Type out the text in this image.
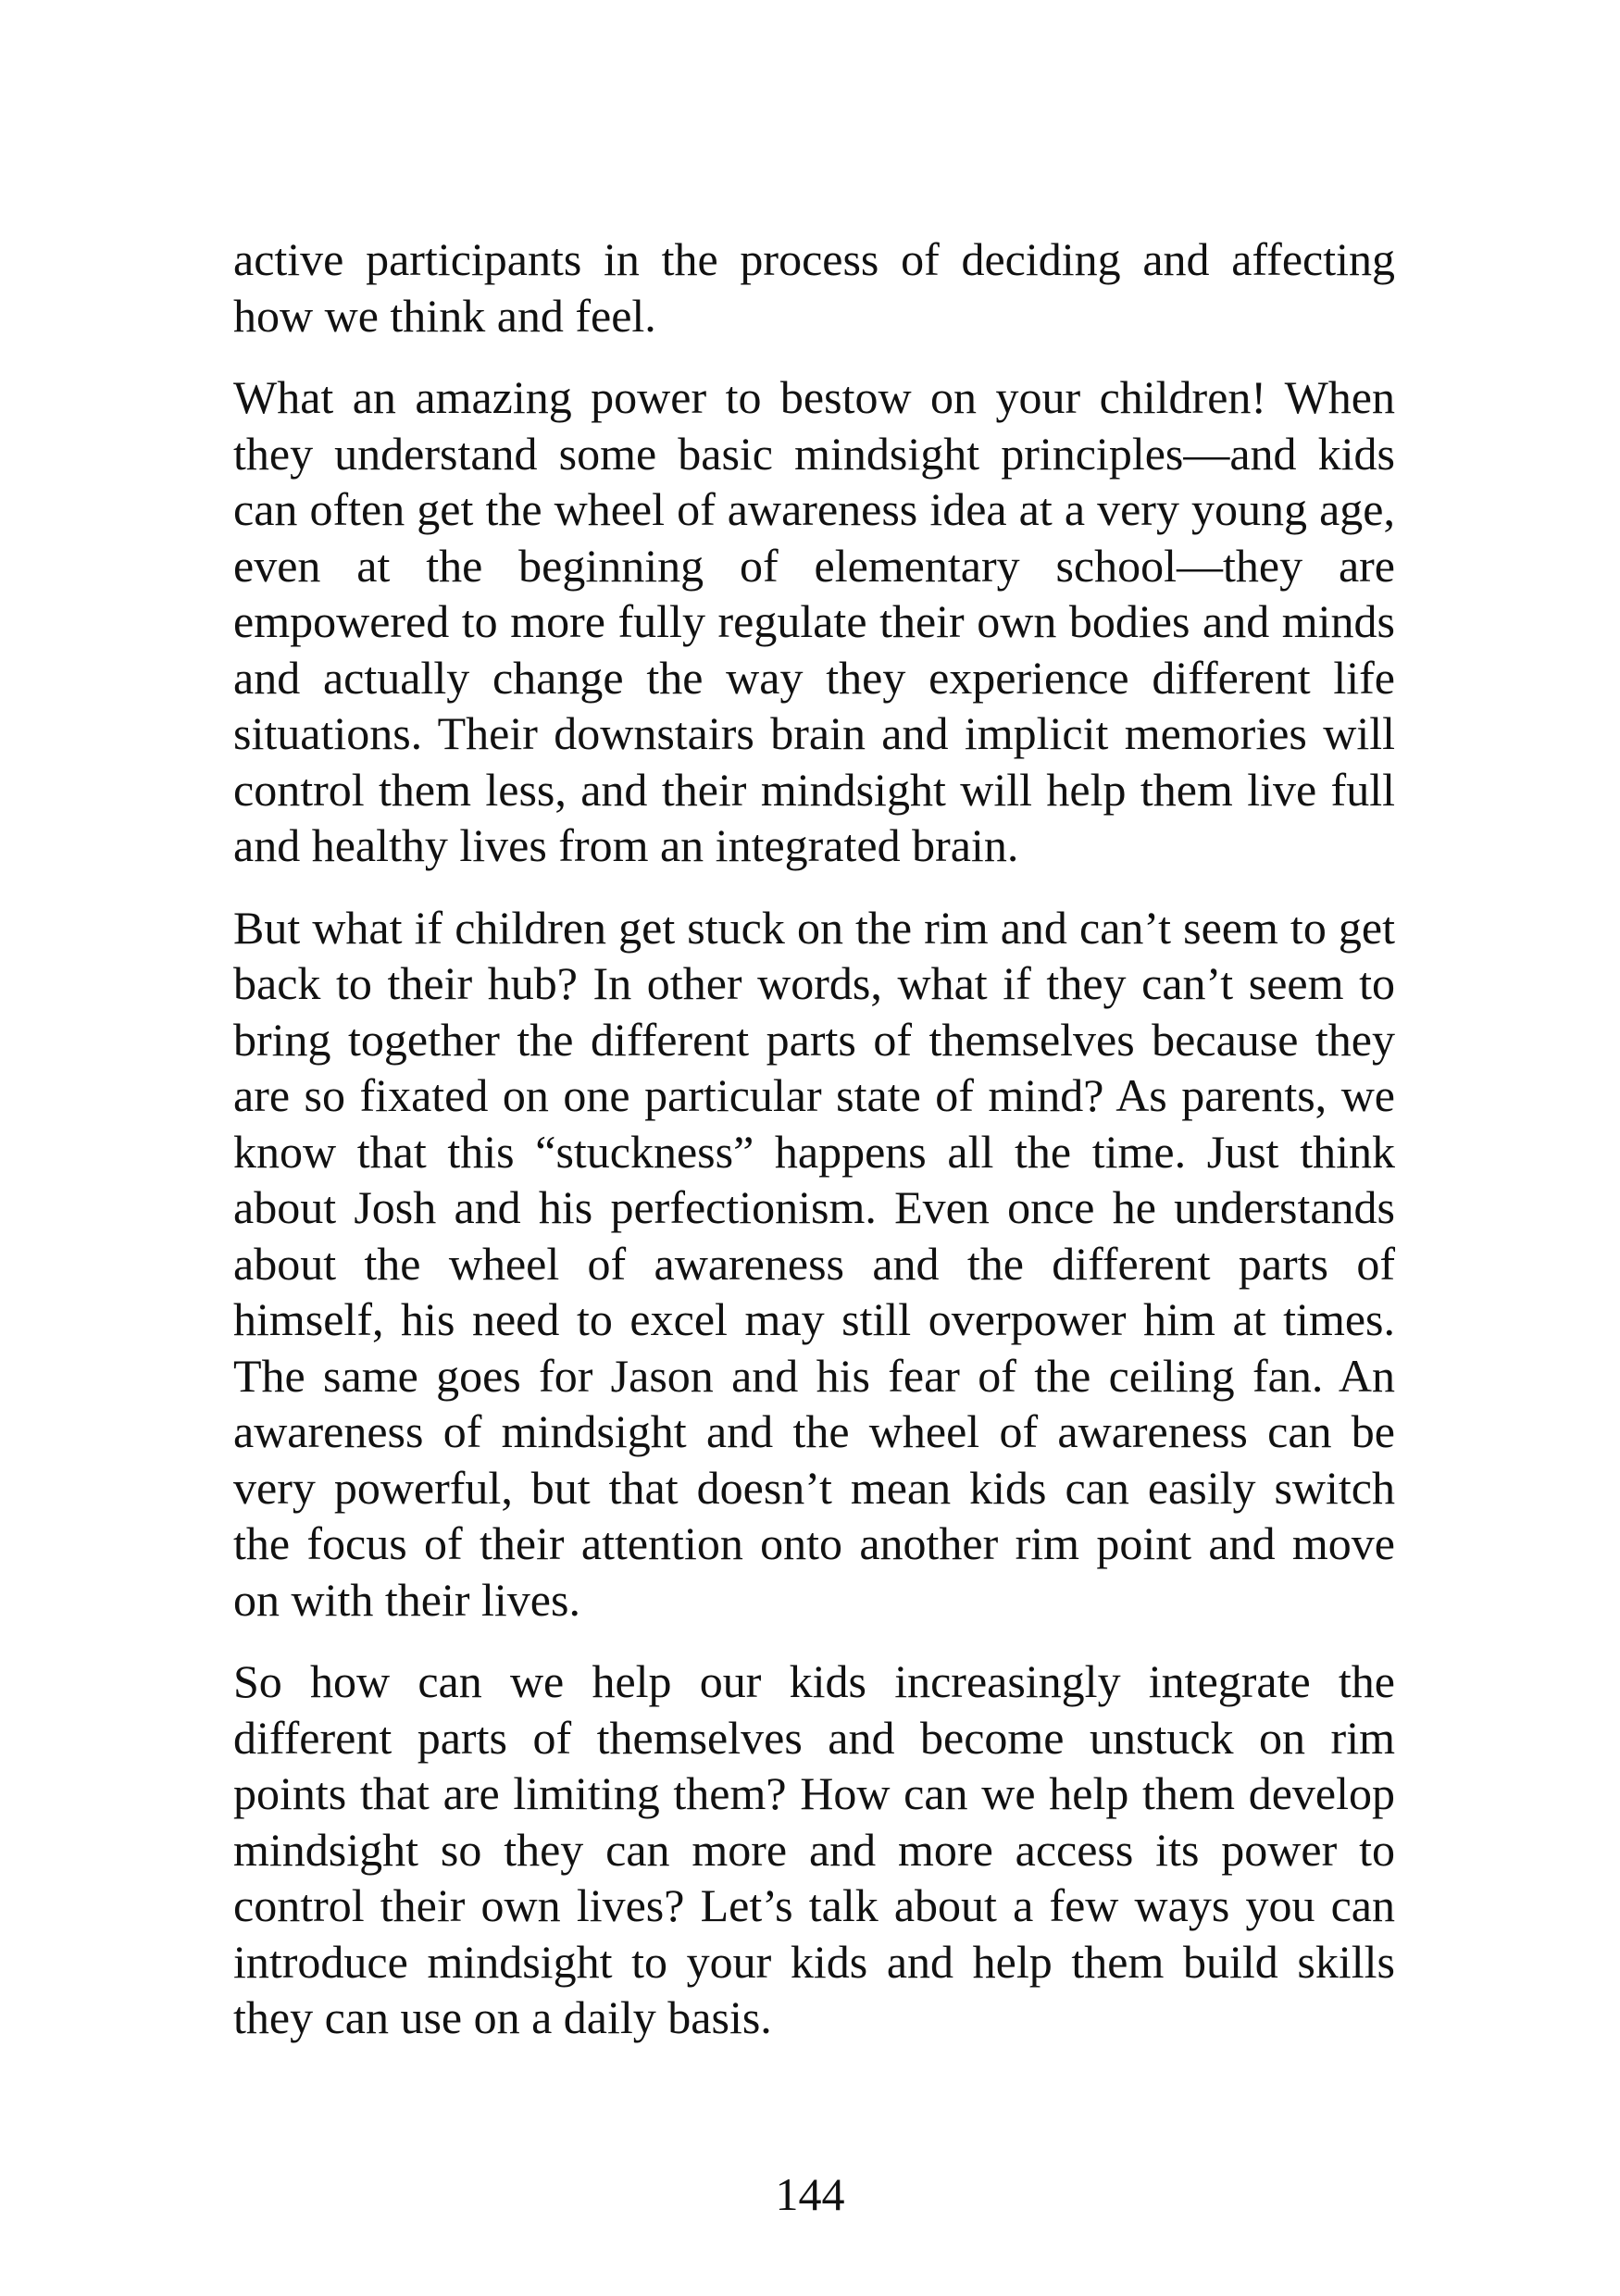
active participants in the process of deciding and affecting how we think and feel.

What an amazing power to bestow on your children! When they understand some basic mindsight principles—and kids can often get the wheel of awareness idea at a very young age, even at the beginning of elementary school—they are empowered to more fully regulate their own bodies and minds and actually change the way they experience different life situations. Their downstairs brain and implicit memories will control them less, and their mindsight will help them live full and healthy lives from an integrated brain.

But what if children get stuck on the rim and can’t seem to get back to their hub? In other words, what if they can’t seem to bring together the different parts of themselves because they are so fixated on one particular state of mind? As parents, we know that this “stuckness” happens all the time. Just think about Josh and his perfectionism. Even once he understands about the wheel of awareness and the different parts of himself, his need to excel may still overpower him at times. The same goes for Jason and his fear of the ceiling fan. An awareness of mindsight and the wheel of awareness can be very powerful, but that doesn’t mean kids can easily switch the focus of their attention onto another rim point and move on with their lives.

So how can we help our kids increasingly integrate the different parts of themselves and become unstuck on rim points that are limiting them? How can we help them develop mindsight so they can more and more access its power to control their own lives? Let’s talk about a few ways you can introduce mindsight to your kids and help them build skills they can use on a daily basis.

144
